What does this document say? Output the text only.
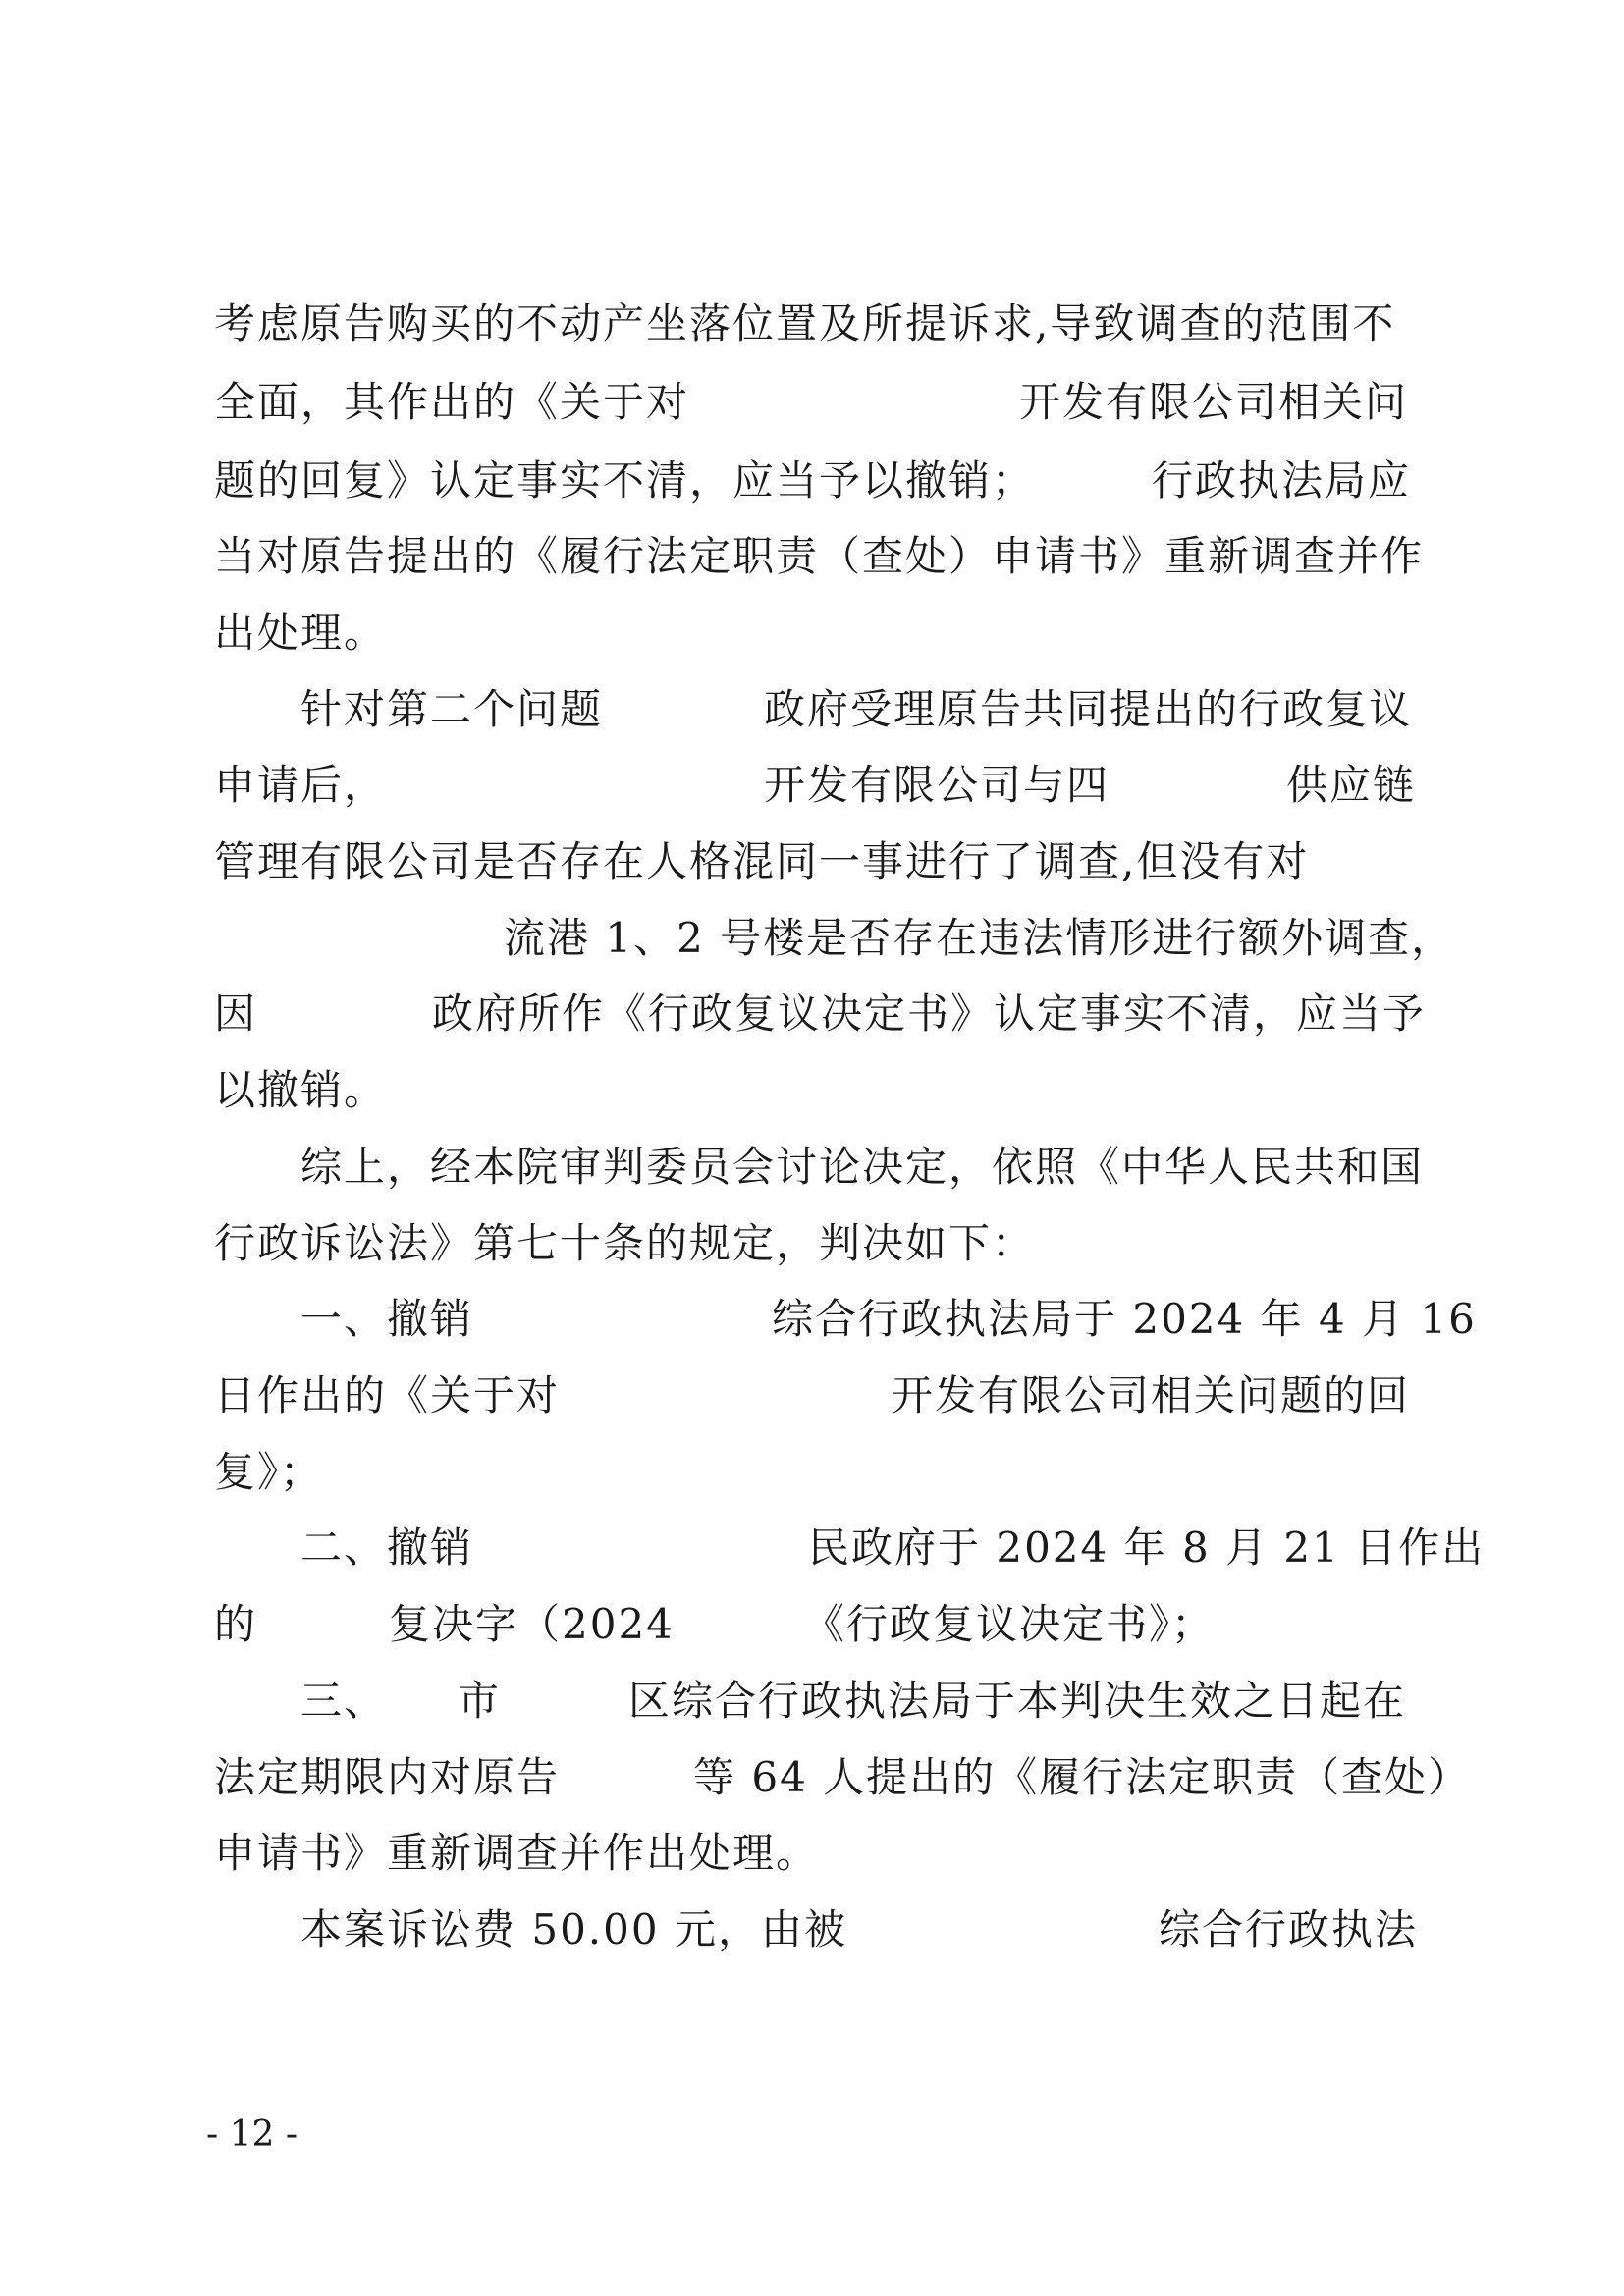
考虑原告购买的不动产坐落位置及所提诉求,导致调查的范围不

全面，其作出的《关于对

	开发有限公司相关问

题的回复》认定事实不清，应当予以撤销；

	行政执法局应

当对原告提出的《履行法定职责（查处）申请书》重新调查并作

出处理。

针对第二个问题

	政府受理原告共同提出的行政复议

申请后，

	开发有限公司与四

	供应链

管理有限公司是否存在人格混同一事进行了调查,但没有对

流港 1、2 号楼是否存在违法情形进行额外调查，

因

	政府所作《行政复议决定书》认定事实不清，应当予

以撤销。

综上，经本院审判委员会讨论决定，依照《中华人民共和国

行政诉讼法》第七十条的规定，判决如下：

一、撤销

	综合行政执法局于 2024 年 4 月 16

日作出的《关于对

	开发有限公司相关问题的回

复》；

二、撤销

	民政府于 2024 年 8 月 21 日作出

的

	复决字（2024

	《行政复议决定书》；

三、

市

	区综合行政执法局于本判决生效之日起在

法定期限内对原告

	等 64 人提出的《履行法定职责（查处）

申请书》重新调查并作出处理。

本案诉讼费 50.00 元，由被

	综合行政执法

- 12 -
